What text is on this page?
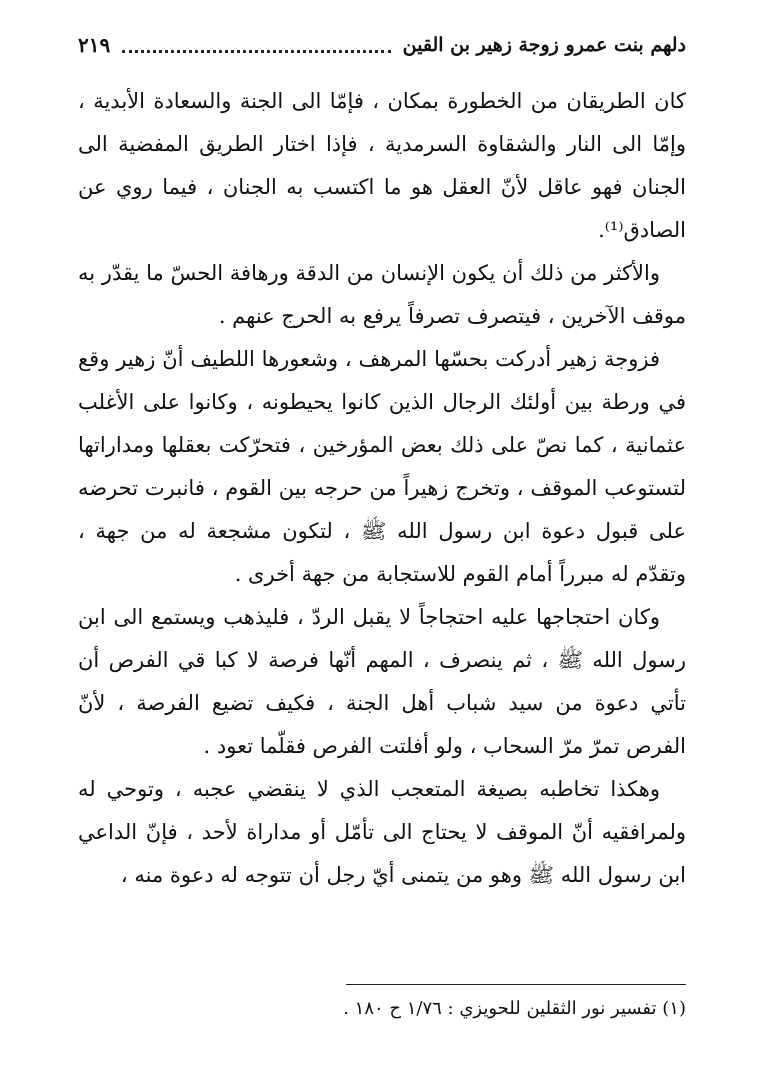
دلهم بنت عمرو زوجة زهير بن القين
٢١٩

كان الطريقان من الخطورة بمكان ، فإمّا الى الجنة والسعادة الأبدية ، وإمّا الى النار والشقاوة السرمدية ، فإذا اختار الطريق المفضية الى الجنان فهو عاقل لأنّ العقل هو ما اكتسب به الجنان ، فيما روي عن الصادق⁽¹⁾.

والأكثر من ذلك أن يكون الإنسان من الدقة ورهافة الحسّ ما يقدّر به موقف الآخرين ، فيتصرف تصرفاً يرفع به الحرج عنهم .

فزوجة زهير أدركت بحسّها المرهف ، وشعورها اللطيف أنّ زهير وقع في ورطة بين أولئك الرجال الذين كانوا يحيطونه ، وكانوا على الأغلب عثمانية ، كما نصّ على ذلك بعض المؤرخين ، فتحرّكت بعقلها ومداراتها لتستوعب الموقف ، وتخرج زهيراً من حرجه بين القوم ، فانبرت تحرضه على قبول دعوة ابن رسول الله ﷺ ، لتكون مشجعة له من جهة ، وتقدّم له مبرراً أمام القوم للاستجابة من جهة أخرى .

وكان احتجاجها عليه احتجاجاً لا يقبل الردّ ، فليذهب ويستمع الى ابن رسول الله ﷺ ، ثم ينصرف ، المهم أنّها فرصة لا كبا قي الفرص أن تأتي دعوة من سيد شباب أهل الجنة ، فكيف تضيع الفرصة ، لأنّ الفرص تمرّ مرّ السحاب ، ولو أفلتت الفرص فقلّما تعود .

وهكذا تخاطبه بصيغة المتعجب الذي لا ينقضي عجبه ، وتوحي له ولمرافقيه أنّ الموقف لا يحتاج الى تأمّل أو مداراة لأحد ، فإنّ الداعي ابن رسول الله ﷺ وهو من يتمنى أيّ رجل أن تتوجه له دعوة منه ،

(١) تفسير نور الثقلين للحويزي : ١/٧٦ ح ١٨٠ .
